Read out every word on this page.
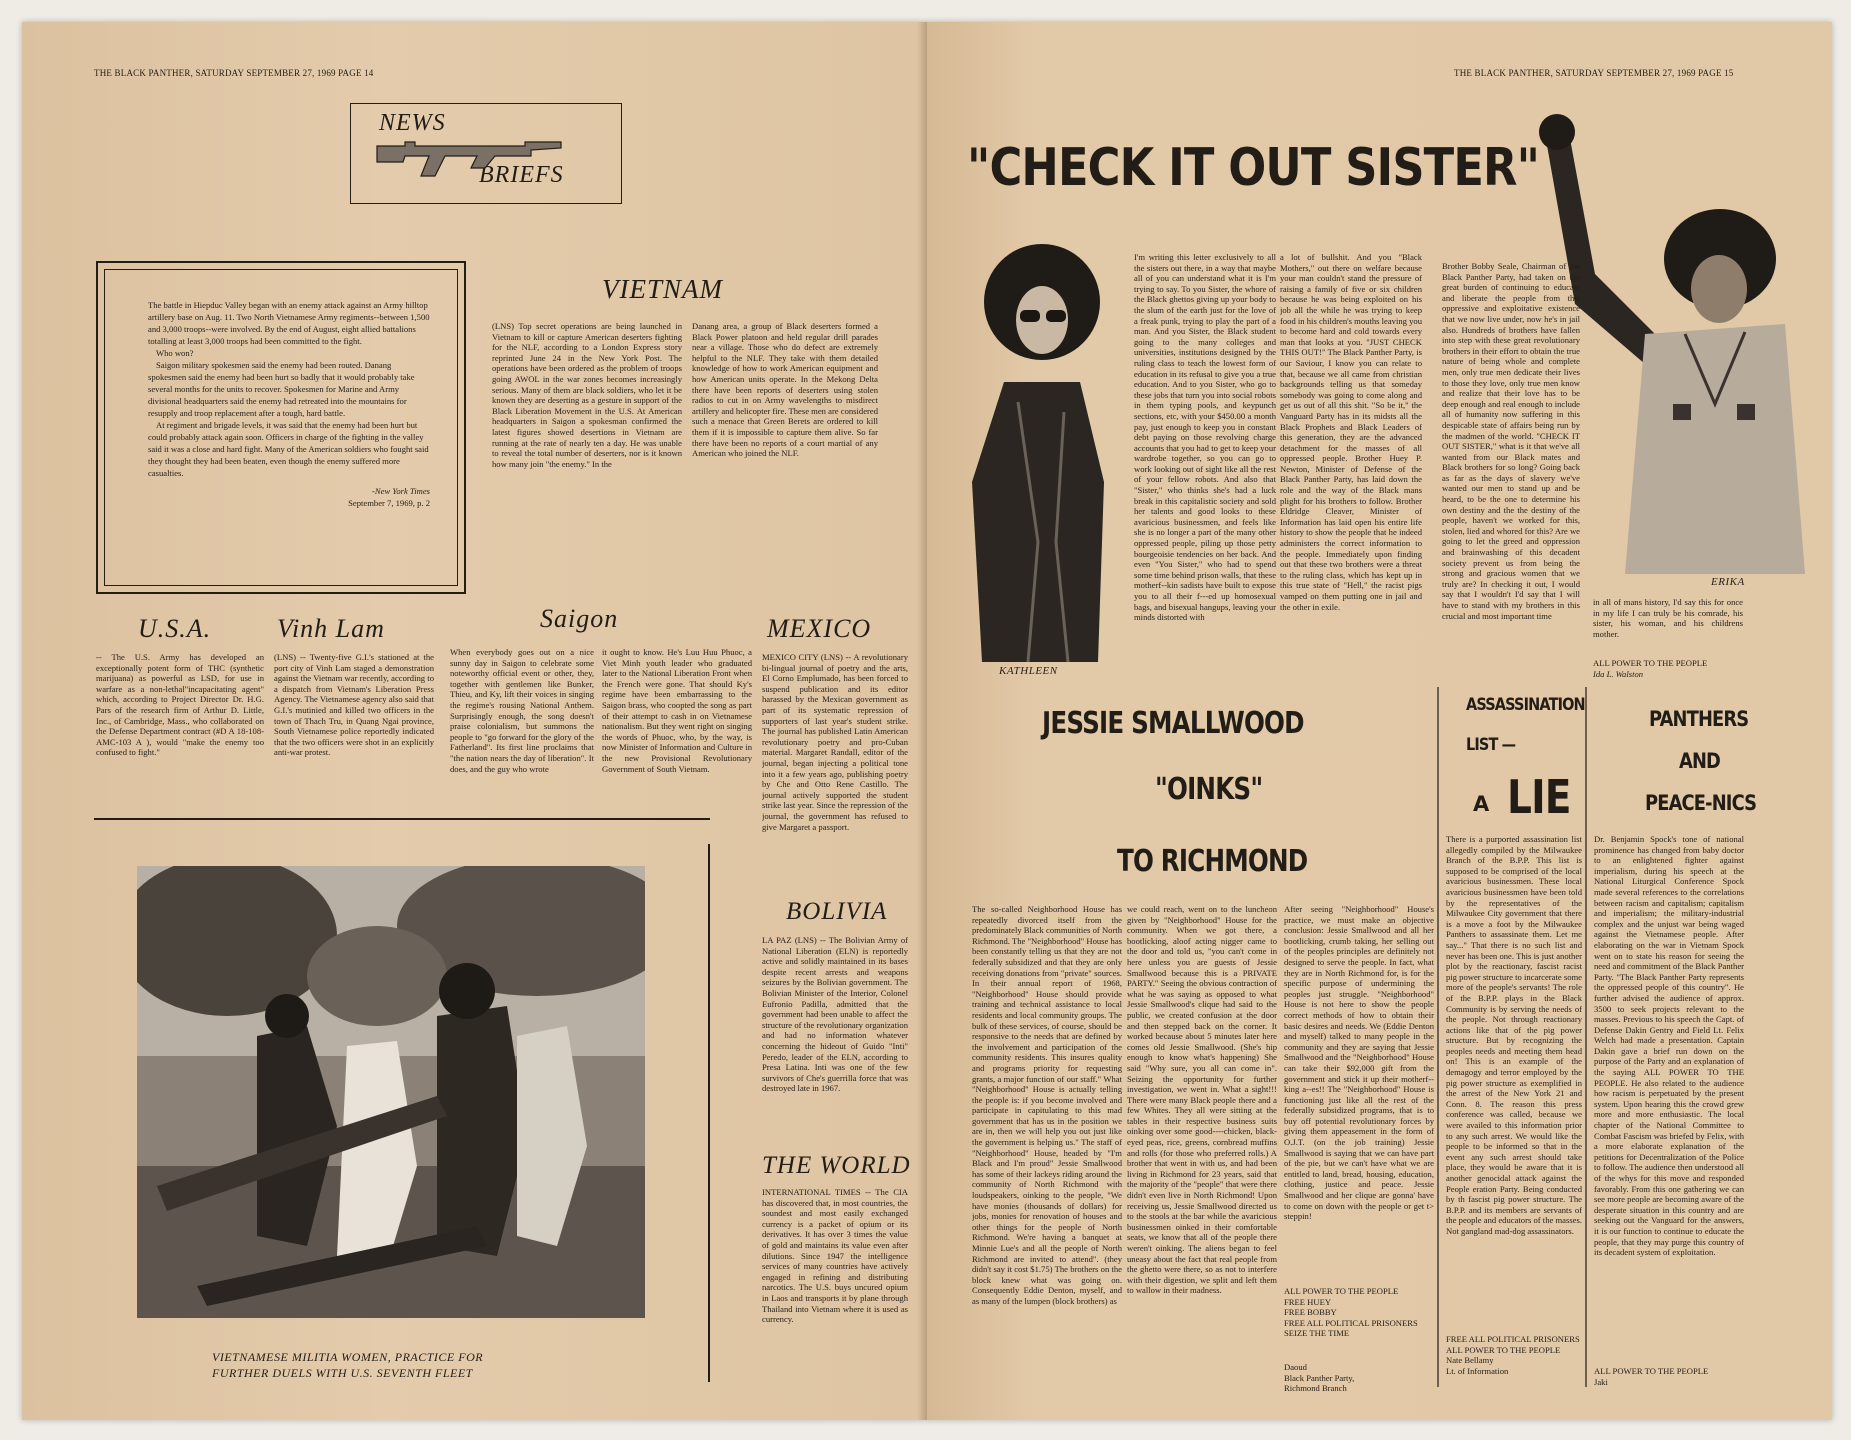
THE BLACK PANTHER, SATURDAY SEPTEMBER 27, 1969 PAGE 14
NEWS
BRIEFS

The battle in Hiepduc Valley began with an enemy attack against an Army hilltop artillery base on Aug. 11. Two North Vietnamese Army regiments--between 1,500 and 3,000 troops--were involved. By the end of August, eight allied battalions totalling at least 3,000 troops had been committed to the fight.

Who won?

Saigon military spokesmen said the enemy had been routed. Danang spokesmen said the enemy had been hurt so badly that it would probably take several months for the units to recover. Spokesmen for Marine and Army divisional headquarters said the enemy had retreated into the mountains for resupply and troop replacement after a tough, hard battle.

At regiment and brigade levels, it was said that the enemy had been hurt but could probably attack again soon. Officers in charge of the fighting in the valley said it was a close and hard fight. Many of the American soldiers who fought said they thought they had been beaten, even though the enemy suffered more casualties.

-New York Times
September 7, 1969, p. 2
VIETNAM
(LNS) Top secret operations are being launched in Vietnam to kill or capture American deserters fighting for the NLF, according to a London Express story reprinted June 24 in the New York Post. The operations have been ordered as the problem of troops going AWOL in the war zones becomes increasingly serious. Many of them are black soldiers, who let it be known they are deserting as a gesture in support of the Black Liberation Movement in the U.S. At American headquarters in Saigon a spokesman confirmed the latest figures showed desertions in Vietnam are running at the rate of nearly ten a day. He was unable to reveal the total number of deserters, nor is it known how many join "the enemy." In the
Danang area, a group of Black deserters formed a Black Power platoon and held regular drill parades near a village. Those who do defect are extremely helpful to the NLF. They take with them detailed knowledge of how to work American equipment and how American units operate. In the Mekong Delta there have been reports of deserters using stolen radios to cut in on Army wavelengths to misdirect artillery and helicopter fire. These men are considered such a menace that Green Berets are ordered to kill them if it is impossible to capture them alive. So far there have been no reports of a court martial of any American who joined the NLF.
U.S.A.	Vinh Lam
-- The U.S. Army has developed an exceptionally potent form of THC (synthetic marijuana) as powerful as LSD, for use in warfare as a non-lethal"incapacitating agent" which, according to Project Director Dr. H.G. Pars of the research firm of Arthur D. Little, Inc., of Cambridge, Mass., who collaborated on the Defense Department contract (#D A 18-108-AMC-103 A ), would "make the enemy too confused to fight."
(LNS) -- Twenty-five G.I.'s stationed at the port city of Vinh Lam staged a demonstration against the Vietnam war recently, according to a dispatch from Vietnam's Liberation Press Agency. The Vietnamese agency also said that G.I.'s mutinied and killed two officers in the town of Thach Tru, in Quang Ngai province, South Vietnamese police reportedly indicated that the two officers were shot in an explicitly anti-war protest.
Saigon
When everybody goes out on a nice sunny day in Saigon to celebrate some noteworthy official event or other, they, together with gentlemen like Bunker, Thieu, and Ky, lift their voices in singing the regime's rousing National Anthem. Surprisingly enough, the song doesn't praise colonialism, but summons the people to "go forward for the glory of the Fatherland". Its first line proclaims that "the nation nears the day of liberation". It does, and the guy who wrote
it ought to know. He's Luu Huu Phuoc, a Viet Minh youth leader who graduated later to the National Liberation Front when the French were gone. That should Ky's regime have been embarrassing to the Saigon brass, who coopted the song as part of their attempt to cash in on Vietnamese nationalism. But they went right on singing the words of Phuoc, who, by the way, is now Minister of Information and Culture in the new Provisional Revolutionary Government of South Vietnam.
MEXICO
MEXICO CITY (LNS) -- A revolutionary bi-lingual journal of poetry and the arts, El Corno Emplumado, has been forced to suspend publication and its editor harassed by the Mexican government as part of its systematic repression of supporters of last year's student strike. The journal has published Latin American revolutionary poetry and pro-Cuban material. Margaret Randall, editor of the journal, began injecting a political tone into it a few years ago, publishing poetry by Che and Otto Rene Castillo. The journal actively supported the student strike last year. Since the repression of the journal, the government has refused to give Margaret a passport.
VIETNAMESE MILITIA WOMEN, PRACTICE FOR
FURTHER DUELS WITH U.S. SEVENTH FLEET
BOLIVIA
LA PAZ (LNS) -- The Bolivian Army of National Liberation (ELN) is reportedly active and solidly maintained in its bases despite recent arrests and weapons seizures by the Bolivian government. The Bolivian Minister of the Interior, Colonel Eufronio Padilla, admitted that the government had been unable to affect the structure of the revolutionary organization and had no information whatever concerning the hideout of Guido "Inti" Peredo, leader of the ELN, according to Presa Latina. Inti was one of the few survivors of Che's guerrilla force that was destroyed late in 1967.
THE WORLD
INTERNATIONAL TIMES -- The CIA has discovered that, in most countries, the soundest and most easily exchanged currency is a packet of opium or its derivatives. It has over 3 times the value of gold and maintains its value even after dilutions. Since 1947 the intelligence services of many countries have actively engaged in refining and distributing narcotics. The U.S. buys uncured opium in Laos and transports it by plane through Thailand into Vietnam where it is used as currency.
THE BLACK PANTHER, SATURDAY SEPTEMBER 27, 1969 PAGE 15
"CHECK IT OUT SISTER"
KATHLEEN
ERIKA
I'm writing this letter exclusively to all the sisters out there, in a way that maybe all of you can understand what it is I'm trying to say. To you Sister, the whore of the Black ghettos giving up your body to the slum of the earth just for the love of a freak punk, trying to play the part of a man. And you Sister, the Black student going to the many colleges and universities, institutions designed by the ruling class to teach the lowest form of education in its refusal to give you a true education. And to you Sister, who go to these jobs that turn you into social robots in them typing pools, and keypunch sections, etc, with your $450.00 a month pay, just enough to keep you in constant debt paying on those revolving charge accounts that you had to get to keep your wardrobe together, so you can go to work looking out of sight like all the rest of your fellow robots. And also that "Sister," who thinks she's had a luck break in this capitalistic society and sold her talents and good looks to these avaricious businessmen, and feels like she is no longer a part of the many other oppressed people, piling up those petty bourgeoisie tendencies on her back. And even "You Sister," who had to spend some time behind prison walls, that these motherf--kin sadists have built to expose you to all their f---ed up homosexual bags, and bisexual hangups, leaving your minds distorted with
a lot of bullshit. And you "Black Mothers," out there on welfare because your man couldn't stand the pressure of raising a family of five or six children because he was being exploited on his job all the while he was trying to keep food in his children's mouths leaving you to become hard and cold towards every man that looks at you. "JUST CHECK THIS OUT!" The Black Panther Party, is our Saviour, I know you can relate to that, because we all came from christian backgrounds telling us that someday somebody was going to come along and get us out of all this shit. "So be it," the Vanguard Party has in its midsts all the Black Prophets and Black Leaders of this generation, they are the advanced detachment for the masses of all oppressed people. Brother Huey P. Newton, Minister of Defense of the Black Panther Party, has laid down the role and the way of the Black mans plight for his brothers to follow. Brother Eldridge Cleaver, Minister of Information has laid open his entire life history to show the people that he indeed administers the correct information to the people. Immediately upon finding out that these two brothers were a threat to the ruling class, which has kept up in this true state of "Hell," the racist pigs vamped on them putting one in jail and the other in exile.
Brother Bobby Seale, Chairman of the Black Panther Party, had taken on the great burden of continuing to educate and liberate the people from this oppressive and exploitative existence that we now live under, now he's in jail also. Hundreds of brothers have fallen into step with these great revolutionary brothers in their effort to obtain the true nature of being whole and complete men, only true men dedicate their lives to those they love, only true men know and realize that their love has to be deep enough and real enough to include all of humanity now suffering in this despicable state of affairs being run by the madmen of the world. "CHECK IT OUT SISTER," what is it that we've all wanted from our Black mates and Black brothers for so long? Going back as far as the days of slavery we've wanted our men to stand up and be heard, to be the one to determine his own destiny and the the destiny of the people, haven't we worked for this, stolen, lied and whored for this? Are we going to let the greed and oppression and brainwashing of this decadent society prevent us from being the strong and gracious women that we truly are? In checking it out, I would say that I wouldn't I'd say that I will have to stand with my brothers in this crucial and most important time
in all of mans history, I'd say this for once in my life I can truly be his comrade, his sister, his woman, and his childrens mother.
ALL POWER TO THE PEOPLE
Ida L. Walston
JESSIE SMALLWOOD
"OINKS"
TO RICHMOND
The so-called Neighborhood House has repeatedly divorced itself from the predominately Black communities of North Richmond. The "Neighborhood" House has been constantly telling us that they are not federally subsidized and that they are only receiving donations from "private" sources. In their annual report of 1968, "Neighborhood" House should provide training and technical assistance to local residents and local community groups. The bulk of these services, of course, should be responsive to the needs that are defined by the involvement and participation of the community residents. This insures quality and programs priority for requesting grants, a major function of our staff." What "Neighborhood" House is actually telling the people is: if you become involved and participate in capitulating to this mad government that has us in the position we are in, then we will help you out just like the government is helping us." The staff of "Neighborhood" House, headed by "I'm Black and I'm proud" Jessie Smallwood has some of their lackeys riding around the community of North Richmond with loudspeakers, oinking to the people, "We have monies (thousands of dollars) for jobs, monies for renovation of houses and other things for the people of North Richmond. We're having a banquet at Minnie Lue's and all the people of North Richmond are invited to attend". (they didn't say it cost $1.75) The brothers on the block knew what was going on. Consequently Eddie Denton, myself, and as many of the lumpen (block brothers) as
we could reach, went on to the luncheon given by "Neighborhood" House for the community. When we got there, a bootlicking, aloof acting nigger came to the door and told us, "you can't come in here unless you are guests of Jessie Smallwood because this is a PRIVATE PARTY." Seeing the obvious contraction of what he was saying as opposed to what Jessie Smallwood's clique had said to the public, we created confusion at the door and then stepped back on the corner. It worked because about 5 minutes later here comes old Jessie Smallwood. (She's hip enough to know what's happening) She said "Why sure, you all can come in". Seizing the opportunity for further investigation, we went in. What a sight!!! There were many Black people there and a few Whites. They all were sitting at the tables in their respective business suits oinking over some good----chicken, black-eyed peas, rice, greens, cornbread muffins and rolls (for those who preferred rolls.) A brother that went in with us, and had been living in Richmond for 23 years, said that the majority of the "people" that were there didn't even live in North Richmond! Upon receiving us, Jessie Smallwood directed us to the stools at the bar while the avaricious businessmen oinked in their comfortable seats, we know that all of the people there weren't oinking. The aliens began to feel uneasy about the fact that real people from the ghetto were there, so as not to interfere with their digestion, we split and left them to wallow in their madness.
After seeing "Neighborhood" House's practice, we must make an objective conclusion: Jessie Smallwood and all her bootlicking, crumb taking, her selling out of the peoples principles are definitely not designed to serve the people. In fact, what they are in North Richmond for, is for the specific purpose of undermining the peoples just struggle. "Neighborhood" House is not here to show the people correct methods of how to obtain their basic desires and needs. We (Eddie Denton and myself) talked to many people in the community and they are saying that Jessie Smallwood and the "Neighborhood" House can take their $92,000 gift from the government and stick it up their motherf--king a--es!! The "Neighborhood" House is functioning just like all the rest of the federally subsidized programs, that is to buy off potential revolutionary forces by giving them appeasement in the form of O.J.T. (on the job training) Jessie Smallwood is saying that we can have part of the pie, but we can't have what we are entitled to land, bread, housing, education, clothing, justice and peace. Jessie Smallwood and her clique are gonna' have to come on down with the people or get t> steppin!
ALL POWER TO THE PEOPLE
FREE HUEY
FREE BOBBY
FREE ALL POLITICAL PRISONERS
SEIZE THE TIME
Daoud
Black Panther Party,
Richmond Branch
ASSASSINATION
LIST —
A LIE
There is a purported assassination list allegedly compiled by the Milwaukee Branch of the B.P.P. This list is supposed to be comprised of the local avaricious businessmen. These local avaricious businessmen have been told by the representatives of the Milwaukee City government that there is a move a foot by the Milwaukee Panthers to assassinate them. Let me say..." That there is no such list and never has been one. This is just another plot by the reactionary, fascist racist pig power structure to incarcerate some more of the people's servants! The role of the B.P.P. plays in the Black Community is by serving the needs of the people. Not through reactionary actions like that of the pig power structure. But by recognizing the peoples needs and meeting them head on! This is an example of the demagogy and terror employed by the pig power structure as exemplified in the arrest of the New York 21 and Conn. 8. The reason this press conference was called, because we were availed to this information prior to any such arrest. We would like the people to be informed so that in the event any such arrest should take place, they would be aware that it is another genocidal attack against the People eration Party. Being conducted by th fascist pig power structure. The B.P.P. and its members are servants of the people and educators of the masses. Not gangland mad-dog assassinators.
FREE ALL POLITICAL PRISONERS
ALL POWER TO THE PEOPLE
Nate Bellamy
Lt. of Information
PANTHERS
AND
PEACE-NICS
Dr. Benjamin Spock's tone of national prominence has changed from baby doctor to an enlightened fighter against imperialism, during his speech at the National Liturgical Conference Spock made several references to the correlations between racism and capitalism; capitalism and imperialism; the military-industrial complex and the unjust war being waged against the Vietnamese people. After elaborating on the war in Vietnam Spock went on to state his reason for seeing the need and commitment of the Black Panther Party. "The Black Panther Party represents the oppressed people of this country". He further advised the audience of approx. 3500 to seek projects relevant to the masses. Previous to his speech the Capt. of Defense Dakin Gentry and Field Lt. Felix Welch had made a presentation. Captain Dakin gave a brief run down on the purpose of the Party and an explanation of the saying ALL POWER TO THE PEOPLE. He also related to the audience how racism is perpetuated by the present system. Upon hearing this the crowd grew more and more enthusiastic. The local chapter of the National Committee to Combat Fascism was briefed by Felix, with a more elaborate explanation of the petitions for Decentralization of the Police to follow. The audience then understood all of the whys for this move and responded favorably. From this one gathering we can see more people are becoming aware of the desperate situation in this country and are seeking out the Vanguard for the answers, it is our function to continue to educate the people, that they may purge this country of its decadent system of exploitation.
ALL POWER TO THE PEOPLE
Jaki
